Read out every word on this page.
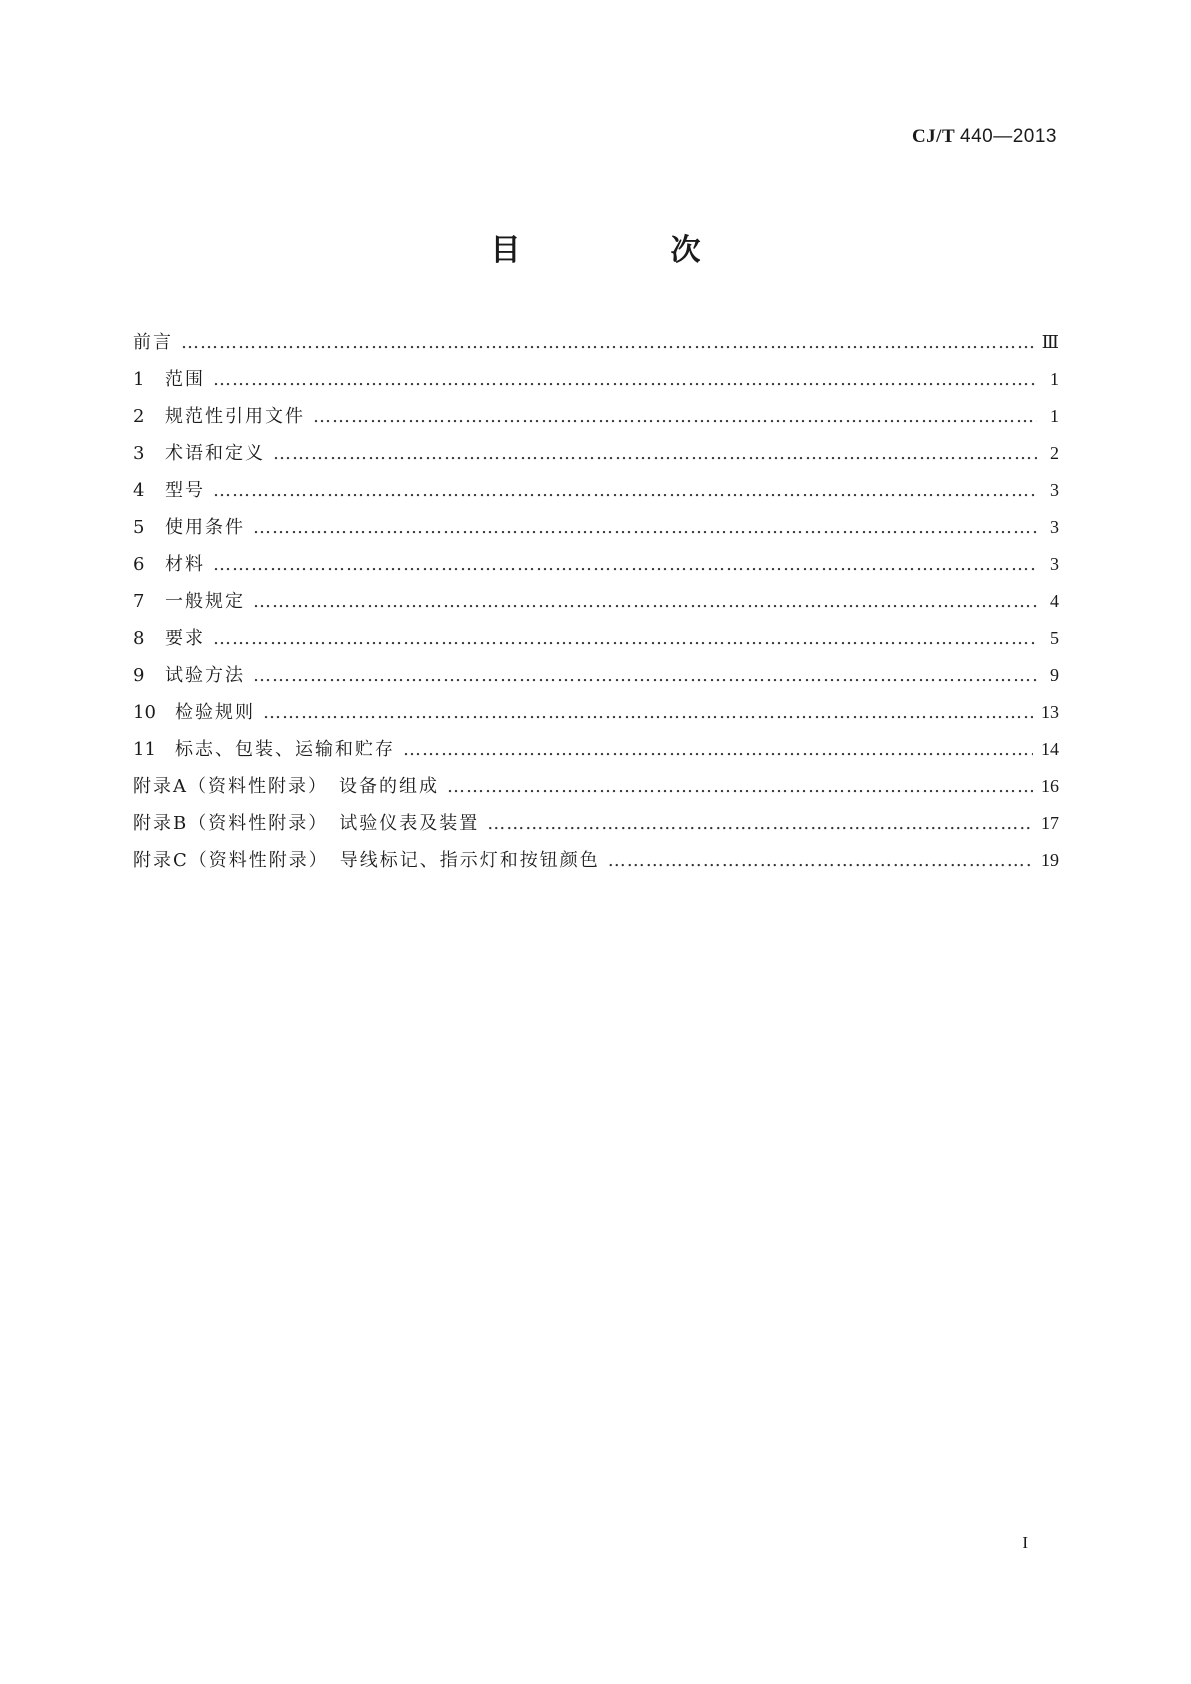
CJ/T 440—2013
目　次
前言 ……………………………………………………………………………………………………………………………………………………………………………………………………………………………………………………………	Ⅲ
1	范围 ……………………………………………………………………………………………………………………………………………………………………………………………………………………………………………………………	1
2	规范性引用文件 ……………………………………………………………………………………………………………………………………………………………………………………………………………………………………………………………	1
3	术语和定义 ……………………………………………………………………………………………………………………………………………………………………………………………………………………………………………………………	2
4	型号 ……………………………………………………………………………………………………………………………………………………………………………………………………………………………………………………………	3
5	使用条件 ……………………………………………………………………………………………………………………………………………………………………………………………………………………………………………………………	3
6	材料 ……………………………………………………………………………………………………………………………………………………………………………………………………………………………………………………………	3
7	一般规定 ……………………………………………………………………………………………………………………………………………………………………………………………………………………………………………………………	4
8	要求 ……………………………………………………………………………………………………………………………………………………………………………………………………………………………………………………………	5
9	试验方法 ……………………………………………………………………………………………………………………………………………………………………………………………………………………………………………………………	9
10	检验规则 ……………………………………………………………………………………………………………………………………………………………………………………………………………………………………………………………	13
11	标志、包装、运输和贮存 ……………………………………………………………………………………………………………………………………………………………………………………………………………………………………………………………	14
附录A（资料性附录）　设备的组成 ……………………………………………………………………………………………………………………………………………………………………………………………………………………………………………………………	16
附录B（资料性附录）　试验仪表及装置 ……………………………………………………………………………………………………………………………………………………………………………………………………………………………………………………………	17
附录C（资料性附录）　导线标记、指示灯和按钮颜色 ……………………………………………………………………………………………………………………………………………………………………………………………………………………………………………………………	19
I
